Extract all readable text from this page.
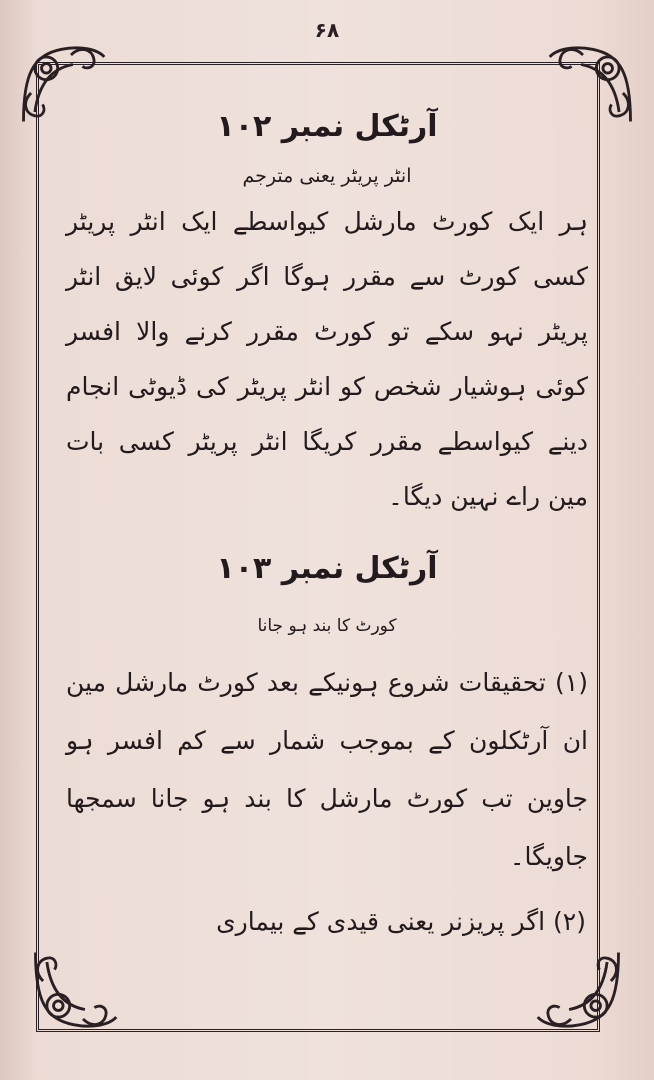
۶۸
آرٹکل نمبر ۱۰۲

انٹر پریٹر یعنی مترجم

ہر ایک کورٹ مارشل کیواسطے ایک انٹر پریٹر کسی کورٹ سے مقرر ہوگا اگر کوئی لایق انٹر پریٹر نہو سکے تو کورٹ مقرر کرنے والا افسر کوئی ہوشیار شخص کو انٹر پریٹر کی ڈیوٹی انجام دینے کیواسطے مقرر کریگا انٹر پریٹر کسی بات مین راے نہین دیگا۔

آرٹکل نمبر ۱۰۳

کورٹ کا بند ہو جانا

(۱) تحقیقات شروع ہونیکے بعد کورٹ مارشل مین ان آرٹکلون کے بموجب شمار سے کم افسر ہو جاوین تب کورٹ مارشل کا بند ہو جانا سمجھا جاویگا۔

(۲) اگر پریزنر یعنی قیدی کے بیماری
